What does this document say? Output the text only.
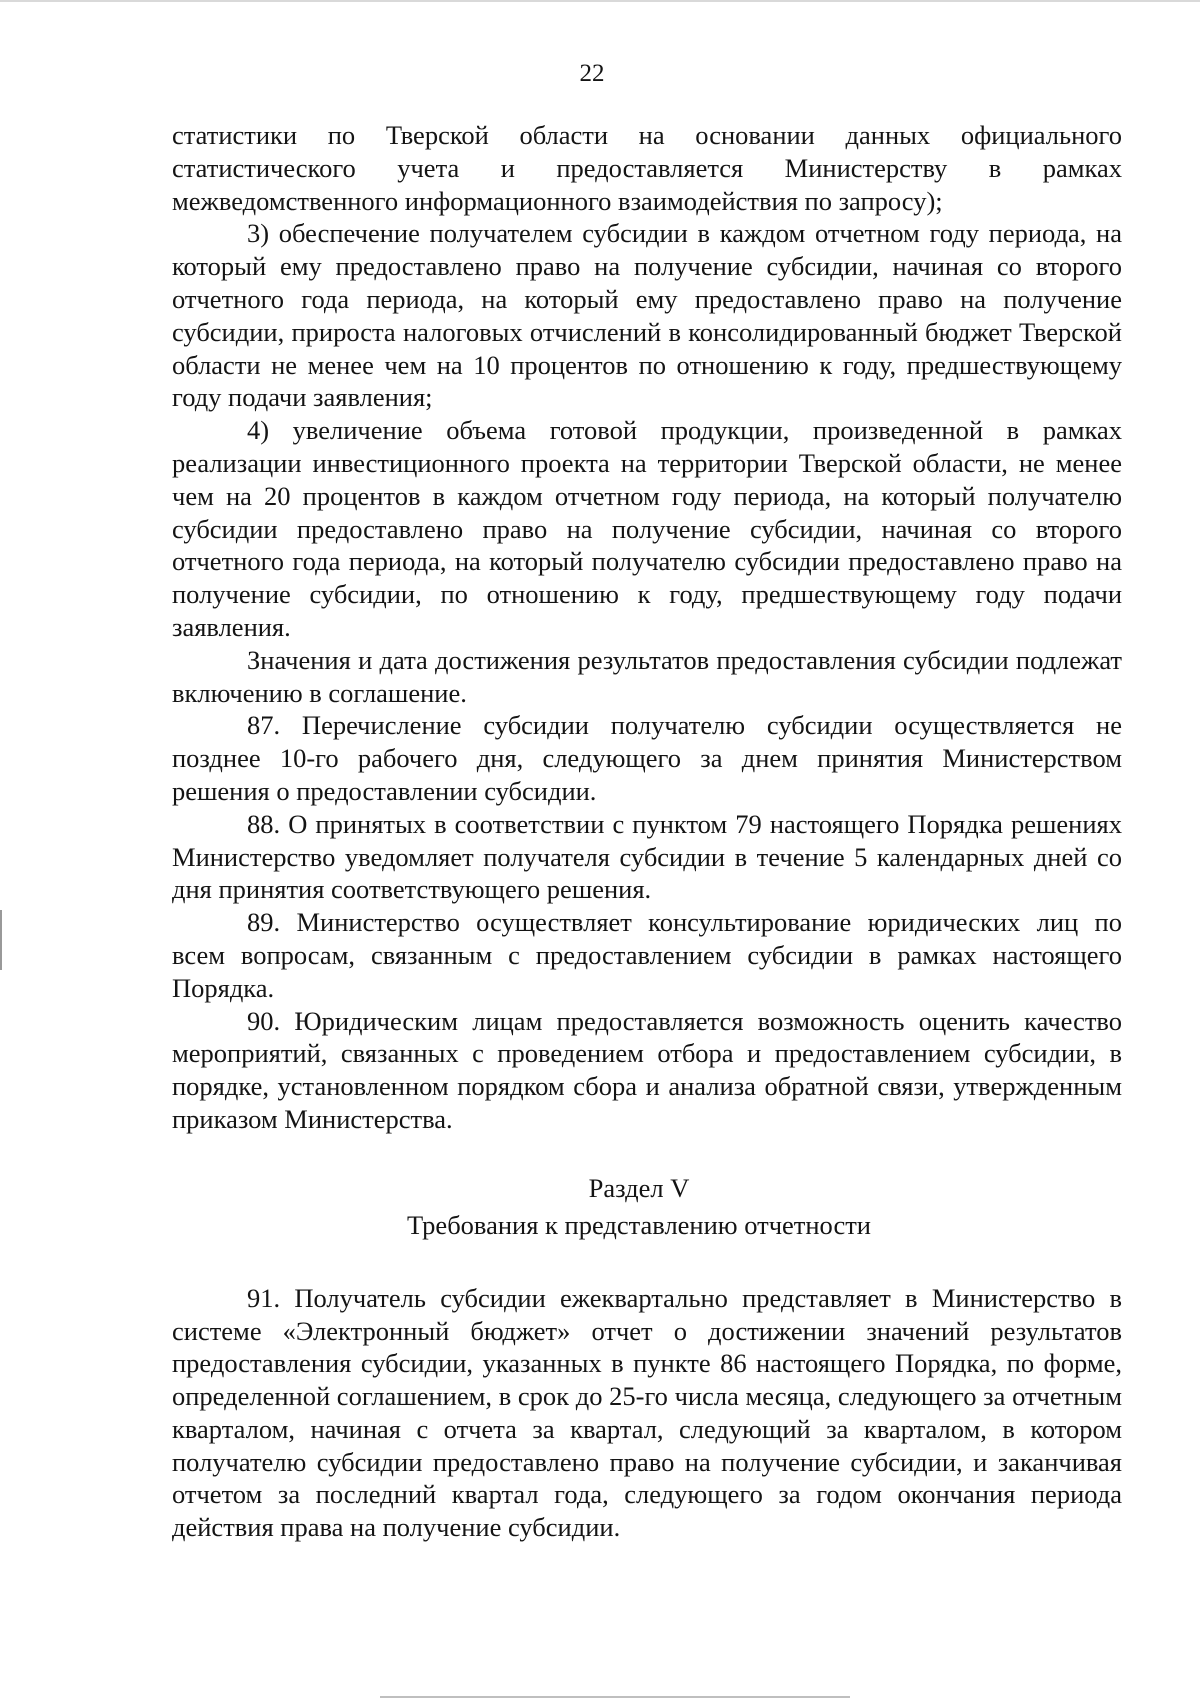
22

статистики по Тверской области на основании данных официального статистического учета и предоставляется Министерству в рамках межведомственного информационного взаимодействия по запросу);

3) обеспечение получателем субсидии в каждом отчетном году периода, на который ему предоставлено право на получение субсидии, начиная со второго отчетного года периода, на который ему предоставлено право на получение субсидии, прироста налоговых отчислений в консолидированный бюджет Тверской области не менее чем на 10 процентов по отношению к году, предшествующему году подачи заявления;

4) увеличение объема готовой продукции, произведенной в рамках реализации инвестиционного проекта на территории Тверской области, не менее чем на 20 процентов в каждом отчетном году периода, на который получателю субсидии предоставлено право на получение субсидии, начиная со второго отчетного года периода, на который получателю субсидии предоставлено право на получение субсидии, по отношению к году, предшествующему году подачи заявления.

Значения и дата достижения результатов предоставления субсидии подлежат включению в соглашение.

87. Перечисление субсидии получателю субсидии осуществляется не позднее 10-го рабочего дня, следующего за днем принятия Министерством решения о предоставлении субсидии.

88. О принятых в соответствии с пунктом 79 настоящего Порядка решениях Министерство уведомляет получателя субсидии в течение 5 календарных дней со дня принятия соответствующего решения.

89. Министерство осуществляет консультирование юридических лиц по всем вопросам, связанным с предоставлением субсидии в рамках настоящего Порядка.

90. Юридическим лицам предоставляется возможность оценить качество мероприятий, связанных с проведением отбора и предоставлением субсидии, в порядке, установленном порядком сбора и анализа обратной связи, утвержденным приказом Министерства.

Раздел V
Требования к представлению отчетности

91. Получатель субсидии ежеквартально представляет в Министерство в системе «Электронный бюджет» отчет о достижении значений результатов предоставления субсидии, указанных в пункте 86 настоящего Порядка, по форме, определенной соглашением, в срок до 25-го числа месяца, следующего за отчетным кварталом, начиная с отчета за квартал, следующий за кварталом, в котором получателю субсидии предоставлено право на получение субсидии, и заканчивая отчетом за последний квартал года, следующего за годом окончания периода действия права на получение субсидии.
